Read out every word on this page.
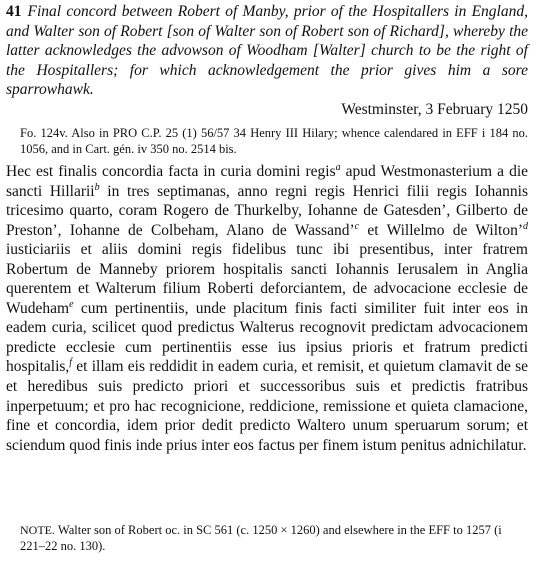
41 Final concord between Robert of Manby, prior of the Hospitallers in England, and Walter son of Robert [son of Walter son of Robert son of Richard], whereby the latter acknowledges the advowson of Woodham [Walter] church to be the right of the Hospitallers; for which acknowledgement the prior gives him a sore sparrowhawk.
Westminster, 3 February 1250
Fo. 124v. Also in PRO C.P. 25 (1) 56/57 34 Henry III Hilary; whence calendared in EFF i 184 no. 1056, and in Cart. gén. iv 350 no. 2514 bis.
Hec est finalis concordia facta in curia domini regis$^a$ apud Westmonasterium a die sancti Hillarii$^b$ in tres septimanas, anno regni regis Henrici filii regis Iohannis tricesimo quarto, coram Rogero de Thurkelby, Iohanne de Gatesden’, Gilberto de Preston’, Iohanne de Colbeham, Alano de Wassand’$^c$ et Willelmo de Wilton’$^d$ iusticiariis et aliis domini regis fidelibus tunc ibi presentibus, inter fratrem Robertum de Manneby priorem hospitalis sancti Iohannis Ierusalem in Anglia querentem et Walterum filium Roberti deforciantem, de advocacione ecclesie de Wudeham$^e$ cum pertinentiis, unde placitum finis facti similiter fuit inter eos in eadem curia, scilicet quod predictus Walterus recognovit predictam advocacionem predicte ecclesie cum pertinentiis esse ius ipsius prioris et fratrum predicti hospitalis,$^f$ et illam eis reddidit in eadem curia, et remisit, et quietum clamavit de se et heredibus suis predicto priori et successoribus suis et predictis fratribus inperpetuum; et pro hac recognicione, reddicione, remissione et quieta clamacione, fine et concordia, idem prior dedit predicto Waltero unum speruarum sorum; et sciendum quod finis inde prius inter eos factus per finem istum penitus adnichilatur.
NOTE. Walter son of Robert oc. in SC 561 (c. 1250 × 1260) and elsewhere in the EFF to 1257 (i 221–22 no. 130).
